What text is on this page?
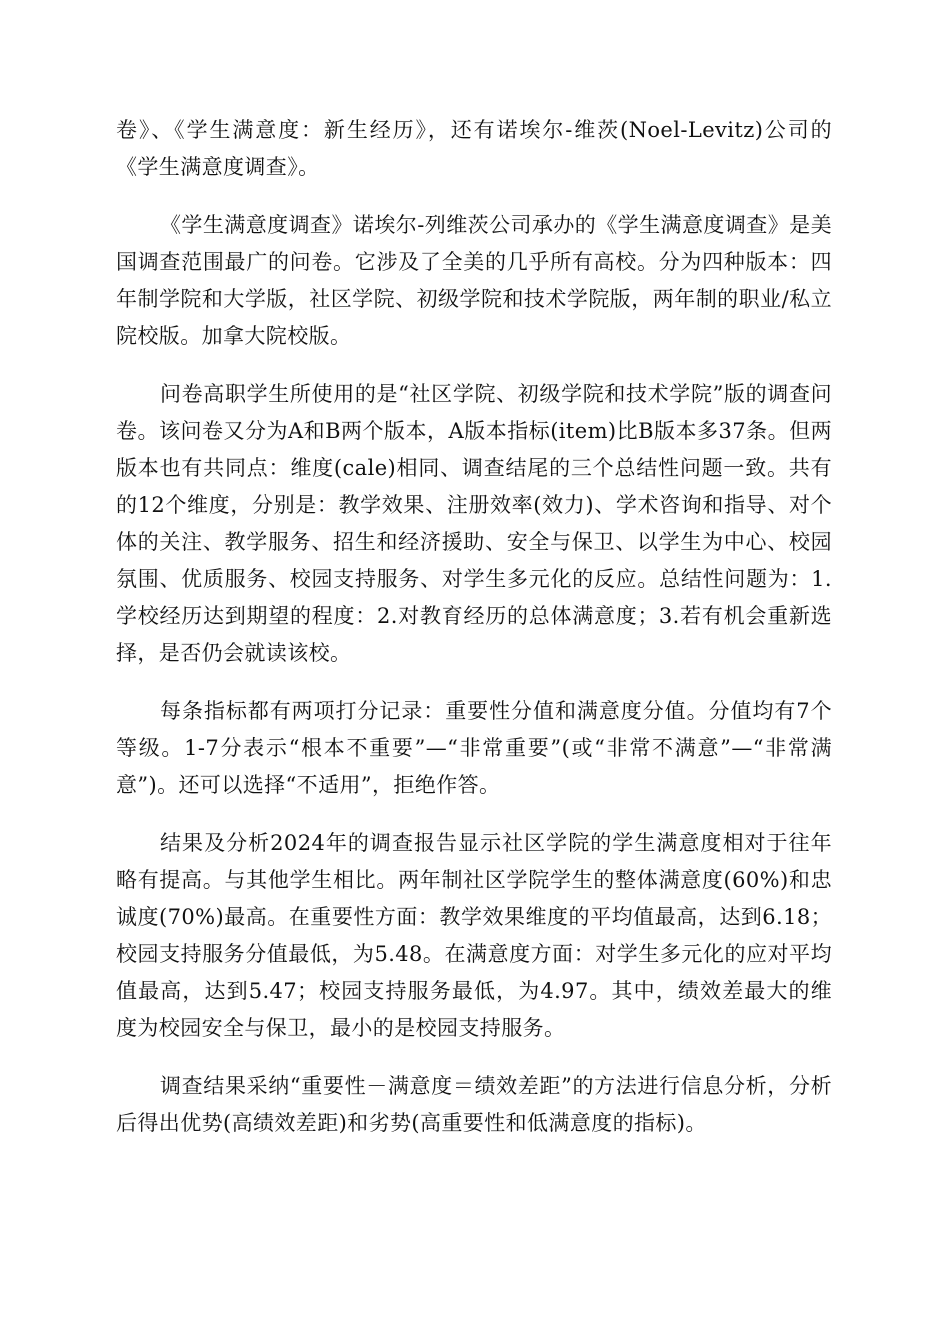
卷》、《学生满意度：新生经历》，还有诺埃尔-维茨(Noel-Levitz)公司的《学生满意度调查》。

《学生满意度调查》诺埃尔-列维茨公司承办的《学生满意度调查》是美国调查范围最广的问卷。它涉及了全美的几乎所有高校。分为四种版本：四年制学院和大学版，社区学院、初级学院和技术学院版，两年制的职业/私立院校版。加拿大院校版。

问卷高职学生所使用的是“社区学院、初级学院和技术学院”版的调查问卷。该问卷又分为A和B两个版本，A版本指标(item)比B版本多37条。但两版本也有共同点：维度(cale)相同、调查结尾的三个总结性问题一致。共有的12个维度，分别是：教学效果、注册效率(效力)、学术咨询和指导、对个体的关注、教学服务、招生和经济援助、安全与保卫、以学生为中心、校园氛围、优质服务、校园支持服务、对学生多元化的反应。总结性问题为：1.学校经历达到期望的程度：2.对教育经历的总体满意度；3.若有机会重新选择，是否仍会就读该校。

每条指标都有两项打分记录：重要性分值和满意度分值。分值均有7个等级。1-7分表示“根本不重要”—“非常重要”(或“非常不满意”—“非常满意”)。还可以选择“不适用”，拒绝作答。

结果及分析2024年的调查报告显示社区学院的学生满意度相对于往年略有提高。与其他学生相比。两年制社区学院学生的整体满意度(60%)和忠诚度(70%)最高。在重要性方面：教学效果维度的平均值最高，达到6.18；校园支持服务分值最低，为5.48。在满意度方面：对学生多元化的应对平均值最高，达到5.47；校园支持服务最低，为4.97。其中，绩效差最大的维度为校园安全与保卫，最小的是校园支持服务。

调查结果采纳“重要性－满意度＝绩效差距”的方法进行信息分析，分析后得出优势(高绩效差距)和劣势(高重要性和低满意度的指标)。
